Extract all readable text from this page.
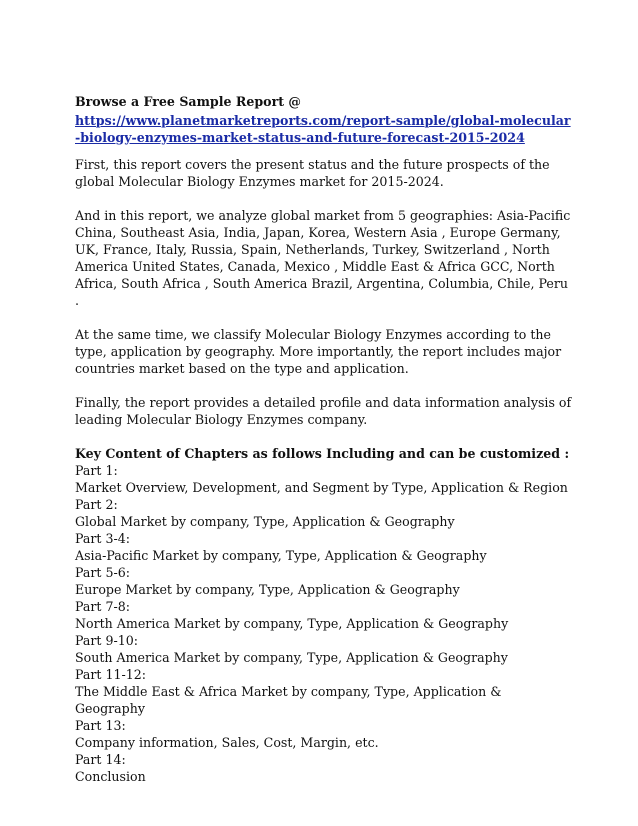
Browse a Free Sample Report @

https://www.planetmarketreports.com/report-sample/global-molecular-biology-enzymes-market-status-and-future-forecast-2015-2024

First, this report covers the present status and the future prospects of the global Molecular Biology Enzymes market for 2015-2024.

And in this report, we analyze global market from 5 geographies: Asia-Pacific China, Southeast Asia, India, Japan, Korea, Western Asia , Europe Germany, UK, France, Italy, Russia, Spain, Netherlands, Turkey, Switzerland , North America United States, Canada, Mexico , Middle East & Africa GCC, North Africa, South Africa , South America Brazil, Argentina, Columbia, Chile, Peru .

At the same time, we classify Molecular Biology Enzymes according to the type, application by geography. More importantly, the report includes major countries market based on the type and application.

Finally, the report provides a detailed profile and data information analysis of leading Molecular Biology Enzymes company.

Key Content of Chapters as follows Including and can be customized :

Part 1:

Market Overview, Development, and Segment by Type, Application & Region

Part 2:

Global Market by company, Type, Application & Geography

Part 3-4:

Asia-Pacific Market by company, Type, Application & Geography

Part 5-6:

Europe Market by company, Type, Application & Geography

Part 7-8:

North America Market by company, Type, Application & Geography

Part 9-10:

South America Market by company, Type, Application & Geography

Part 11-12:

The Middle East & Africa Market by company, Type, Application & Geography

Part 13:

Company information, Sales, Cost, Margin, etc.

Part 14:

Conclusion
